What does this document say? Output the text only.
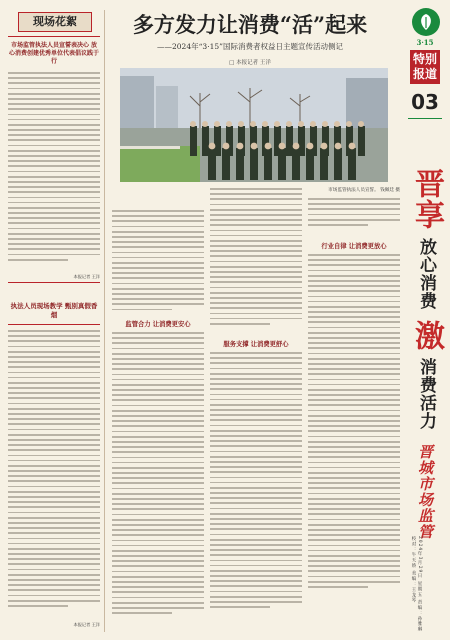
现场花絮
市场监管执法人员宣誓表决心 放心消费创建优秀单位代表倡议践于行
本报记者 王洋
执法人员现场教学 甄别真假香烟
本报记者 王洋
多方发力让消费“活”起来
——2024年“3·15”国际消费者权益日主题宣传活动侧记
□ 本报记者 王洋
监管合力 让消费更安心
服务支撑 让消费更舒心
市场监管执法人员宣誓。 钱佩廷 摄
行业自律 让消费更放心
3·15
特别报道
03
晋享
放心消费
激
消费活力
晋城市场监管
2024年3月29日 星期五 责编：孙雅琳 校对：牛天娇 美编：王龙琴
